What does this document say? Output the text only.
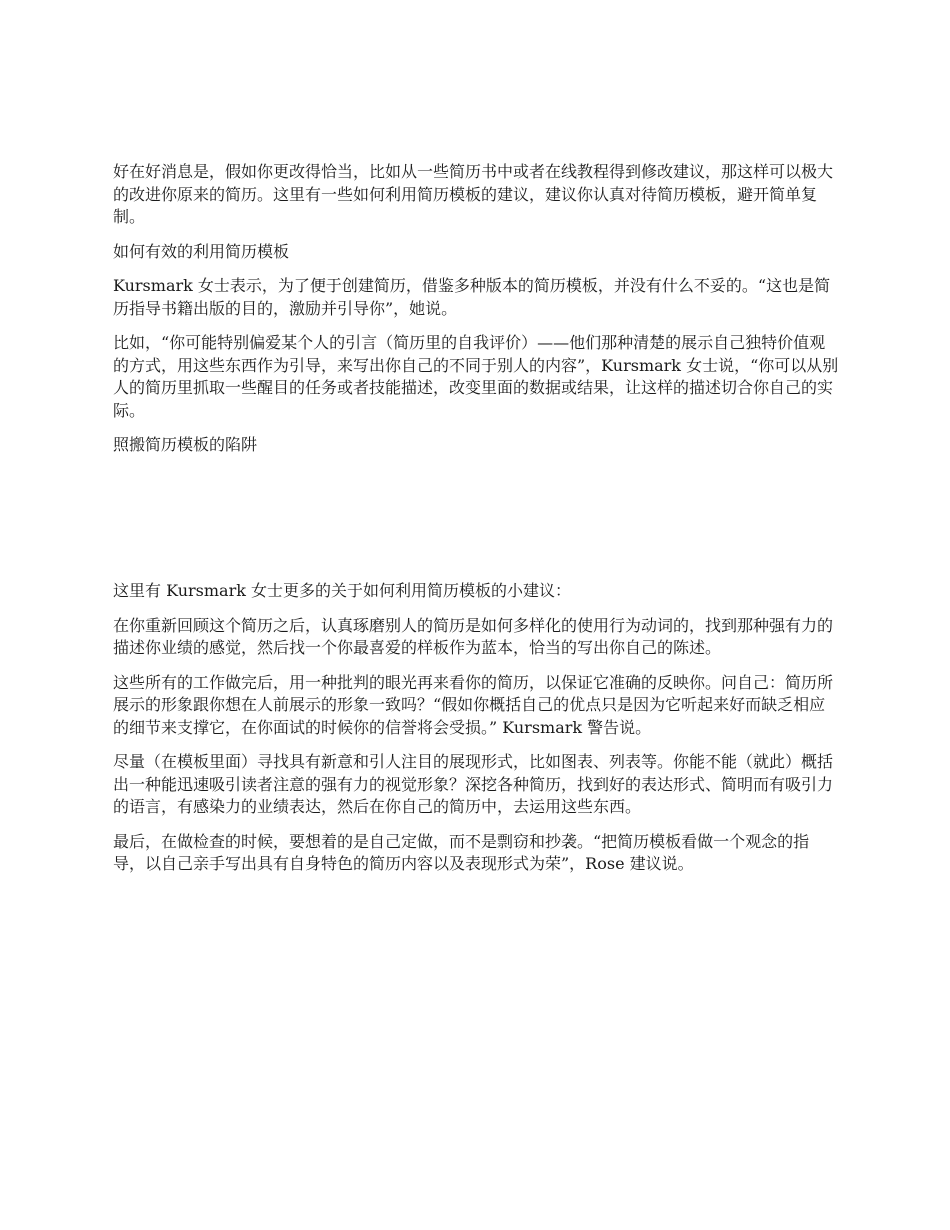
好在好消息是，假如你更改得恰当，比如从一些简历书中或者在线教程得到修改建议，那这样可以极大的改进你原来的简历。这里有一些如何利用简历模板的建议，建议你认真对待简历模板，避开简单复制。

如何有效的利用简历模板

Kursmark 女士表示，为了便于创建简历，借鉴多种版本的简历模板，并没有什么不妥的。“这也是简历指导书籍出版的目的，激励并引导你”，她说。

比如，“你可能特别偏爱某个人的引言（简历里的自我评价）——他们那种清楚的展示自己独特价值观的方式，用这些东西作为引导，来写出你自己的不同于别人的内容”，Kursmark 女士说，“你可以从别人的简历里抓取一些醒目的任务或者技能描述，改变里面的数据或结果，让这样的描述切合你自己的实际。

照搬简历模板的陷阱

这里有 Kursmark 女士更多的关于如何利用简历模板的小建议：

在你重新回顾这个简历之后，认真琢磨别人的简历是如何多样化的使用行为动词的，找到那种强有力的描述你业绩的感觉，然后找一个你最喜爱的样板作为蓝本，恰当的写出你自己的陈述。

这些所有的工作做完后，用一种批判的眼光再来看你的简历，以保证它准确的反映你。问自己：简历所展示的形象跟你想在人前展示的形象一致吗？“假如你概括自己的优点只是因为它听起来好而缺乏相应的细节来支撑它，在你面试的时候你的信誉将会受损。” Kursmark 警告说。

尽量（在模板里面）寻找具有新意和引人注目的展现形式，比如图表、列表等。你能不能（就此）概括出一种能迅速吸引读者注意的强有力的视觉形象？深挖各种简历，找到好的表达形式、简明而有吸引力的语言，有感染力的业绩表达，然后在你自己的简历中，去运用这些东西。

最后，在做检查的时候，要想着的是自己定做，而不是剽窃和抄袭。“把简历模板看做一个观念的指导，以自己亲手写出具有自身特色的简历内容以及表现形式为荣”，Rose 建议说。
